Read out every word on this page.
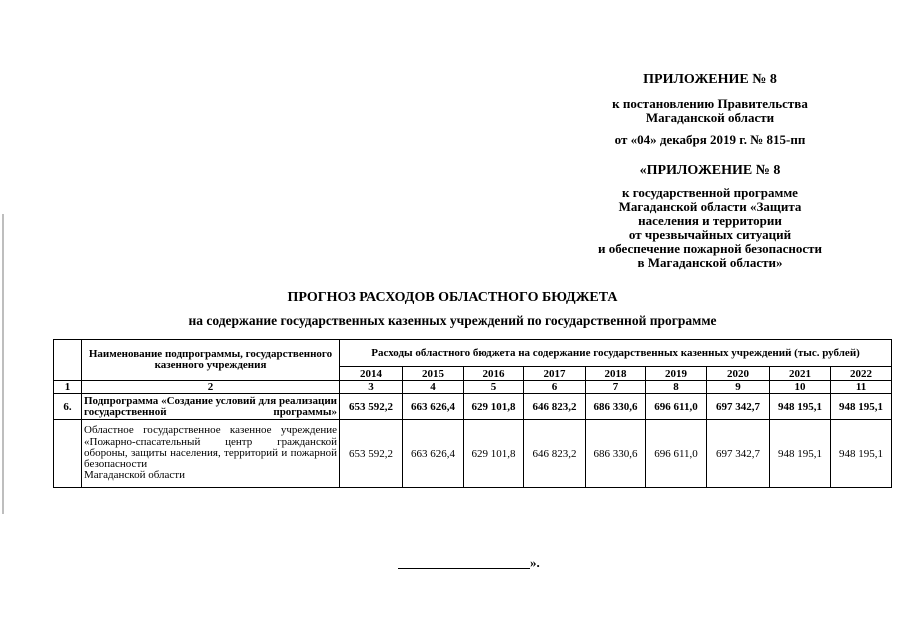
ПРИЛОЖЕНИЕ № 8
к постановлению Правительства
Магаданской области
от «04» декабря 2019 г. № 815-пп
«ПРИЛОЖЕНИЕ № 8
к государственной программе
Магаданской области «Защита
населения и территории
от чрезвычайных ситуаций
и обеспечение пожарной безопасности
в Магаданской области»
ПРОГНОЗ РАСХОДОВ ОБЛАСТНОГО БЮДЖЕТА
на содержание государственных казенных учреждений по государственной программе
	Наименование подпрограммы, государственного казенного учреждения	Расходы областного бюджета на содержание государственных казенных учреждений (тыс. рублей)								
		2014	2015	2016	2017	2018	2019	2020	2021	2022
1	2	3	4	5	6	7	8	9	10	11
6.	Подпрограмма «Создание условий для реализации государственной программы»	653 592,2	663 626,4	629 101,8	646 823,2	686 330,6	696 611,0	697 342,7	948 195,1	948 195,1
	Областное государственное казенное учреждение «Пожарно-спасательный центр гражданской обороны, защиты населения, территорий и пожарной безопасности
Магаданской области	653 592,2	663 626,4	629 101,8	646 823,2	686 330,6	696 611,0	697 342,7	948 195,1	948 195,1
».
